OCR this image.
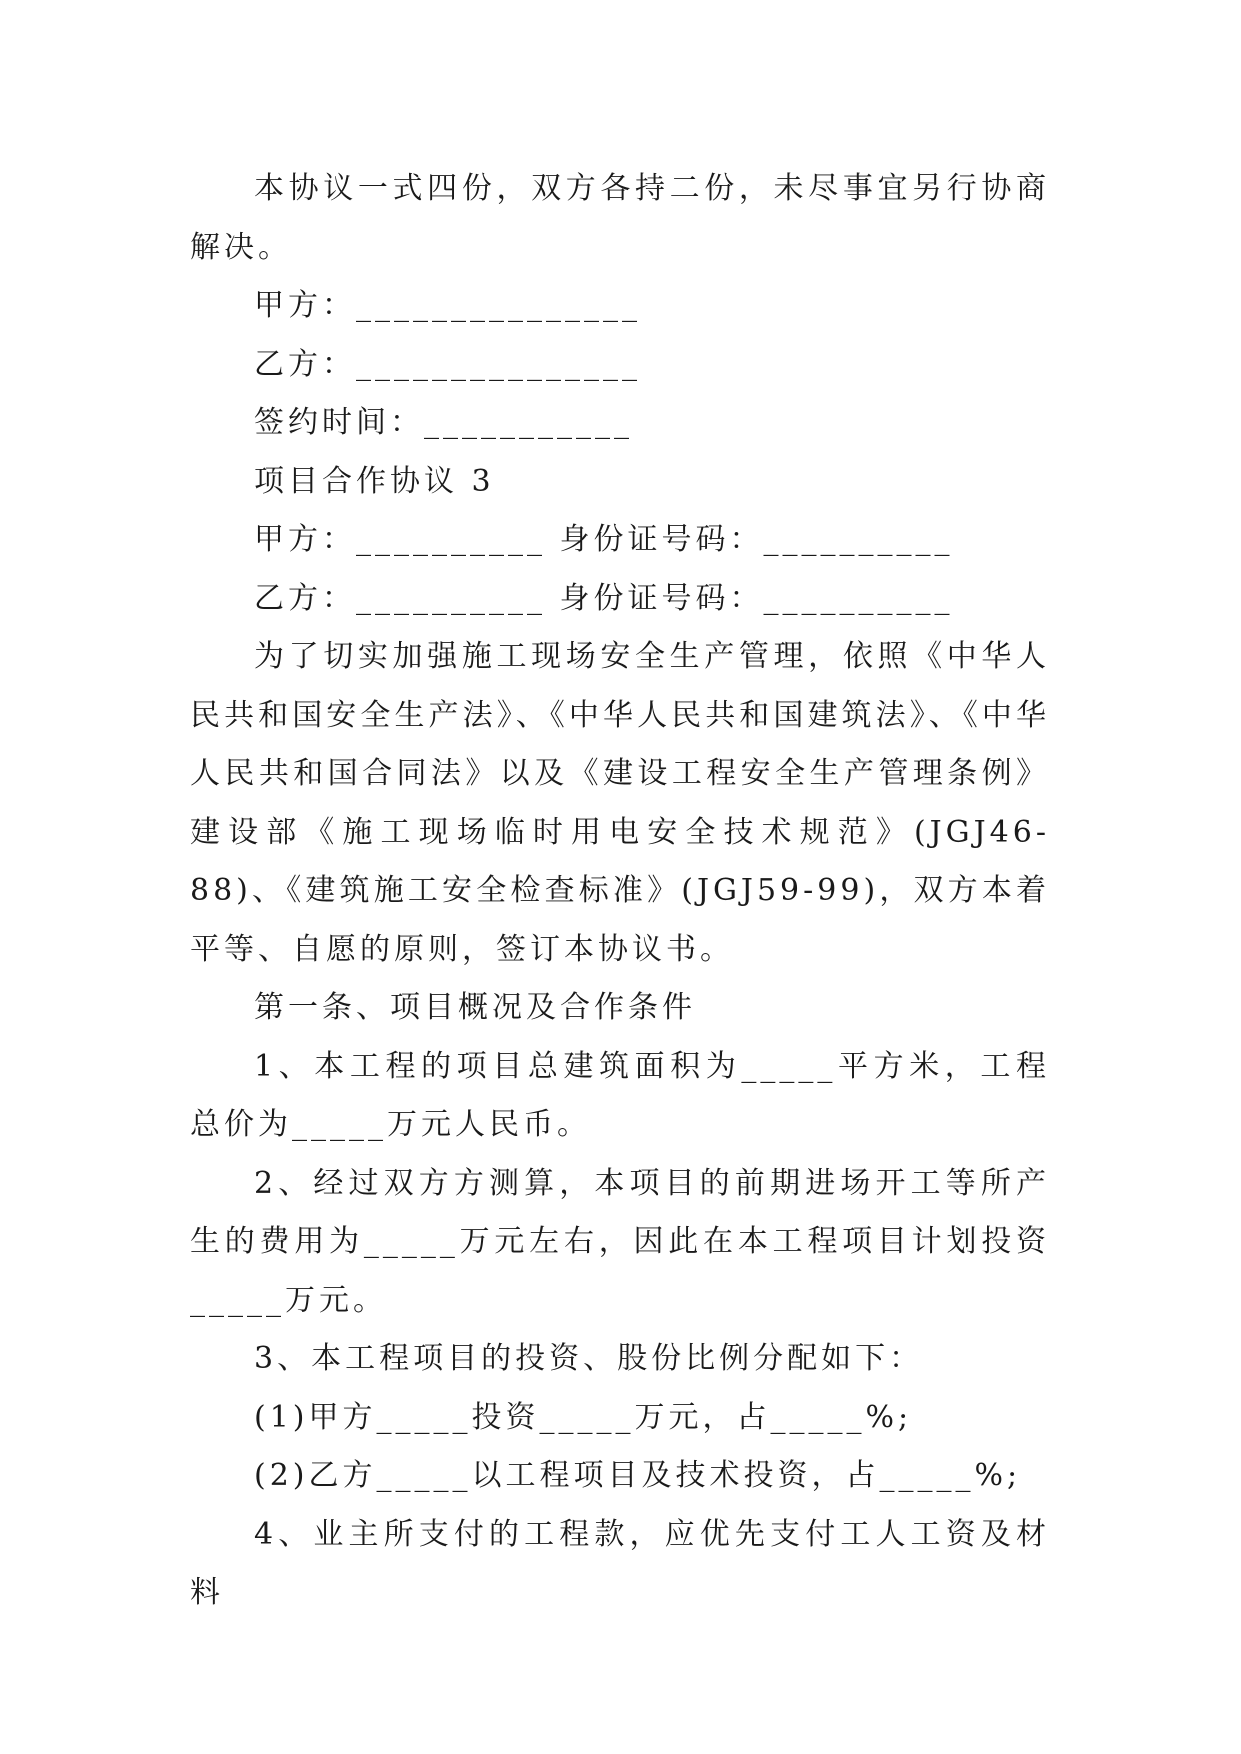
本协议一式四份，双方各持二份，未尽事宜另行协商解决。

甲方：_______________

乙方：_______________

签约时间：___________

项目合作协议 3

甲方：__________ 身份证号码：__________

乙方：__________ 身份证号码：__________

为了切实加强施工现场安全生产管理，依照《中华人民共和国安全生产法》、《中华人民共和国建筑法》、《中华人民共和国合同法》以及《建设工程安全生产管理条例》建设部《施工现场临时用电安全技术规范》(JGJ46-88)、《建筑施工安全检查标准》(JGJ59-99)，双方本着平等、自愿的原则，签订本协议书。

第一条、项目概况及合作条件

1、本工程的项目总建筑面积为_____平方米，工程总价为_____万元人民币。

2、经过双方方测算，本项目的前期进场开工等所产生的费用为_____万元左右，因此在本工程项目计划投资_____万元。

3、本工程项目的投资、股份比例分配如下：

(1)甲方_____投资_____万元，占_____%;

(2)乙方_____以工程项目及技术投资，占_____%;

4、业主所支付的工程款，应优先支付工人工资及材料
